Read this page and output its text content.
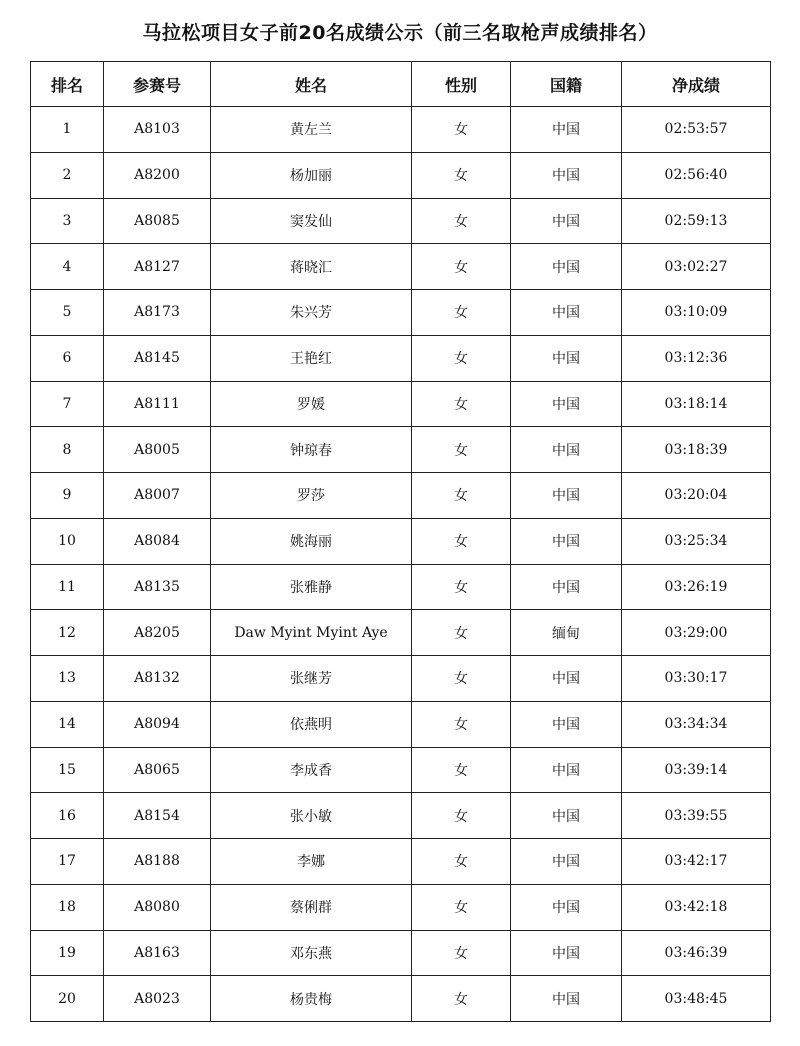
马拉松项目女子前20名成绩公示（前三名取枪声成绩排名）
排名	参赛号	姓名	性别	国籍	净成绩
1	A8103	黄左兰	女	中国	02:53:57
2	A8200	杨加丽	女	中国	02:56:40
3	A8085	窦发仙	女	中国	02:59:13
4	A8127	蒋晓汇	女	中国	03:02:27
5	A8173	朱兴芳	女	中国	03:10:09
6	A8145	王艳红	女	中国	03:12:36
7	A8111	罗媛	女	中国	03:18:14
8	A8005	钟琼春	女	中国	03:18:39
9	A8007	罗莎	女	中国	03:20:04
10	A8084	姚海丽	女	中国	03:25:34
11	A8135	张雅静	女	中国	03:26:19
12	A8205	Daw Myint Myint Aye	女	缅甸	03:29:00
13	A8132	张继芳	女	中国	03:30:17
14	A8094	依燕明	女	中国	03:34:34
15	A8065	李成香	女	中国	03:39:14
16	A8154	张小敏	女	中国	03:39:55
17	A8188	李娜	女	中国	03:42:17
18	A8080	蔡俐群	女	中国	03:42:18
19	A8163	邓东燕	女	中国	03:46:39
20	A8023	杨贵梅	女	中国	03:48:45
